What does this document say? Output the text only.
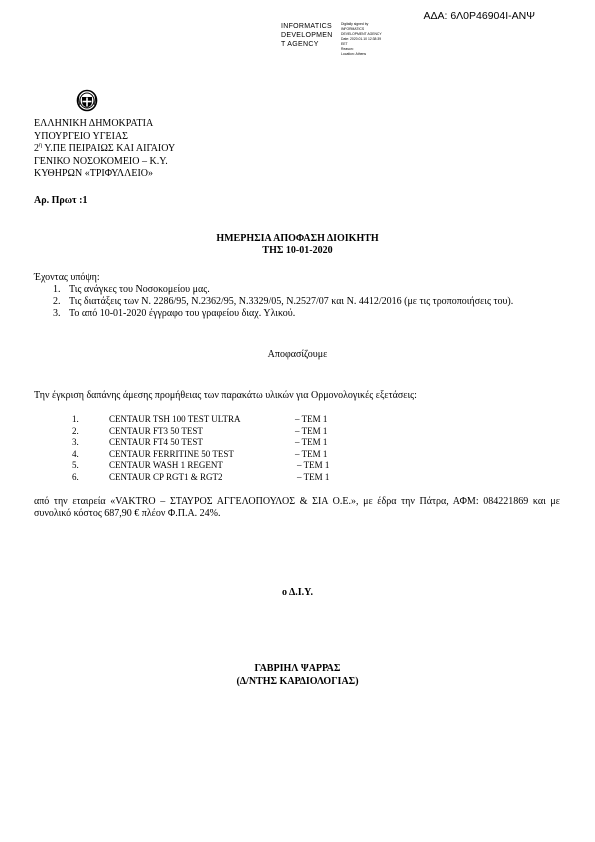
ΑΔΑ: 6Λ0Ρ46904Ι-ΑΝΨ
INFORMATICS
DEVELOPMEN
T AGENCY
Digitally signed by
INFORMATICS
DEVELOPMENT AGENCY
Date: 2020.01.10 12:38:39
EET
Reason:
Location: Athens
ΕΛΛΗΝΙΚΗ ΔΗΜΟΚΡΑΤΙΑ
ΥΠΟΥΡΓΕΙΟ ΥΓΕΙΑΣ
$2^\eta$ Υ.ΠΕ ΠΕΙΡΑΙΩΣ ΚΑΙ ΑΙΓΑΙΟΥ
ΓΕΝΙΚΟ ΝΟΣΟΚΟΜΕΙΟ – Κ.Υ.
ΚΥΘΗΡΩΝ «ΤΡΙΦΥΛΛΕΙΟ»
Αρ. Πρωτ :1
ΗΜΕΡΗΣΙΑ ΑΠΟΦΑΣΗ ΔΙΟΙΚΗΤΗ
ΤΗΣ 10-01-2020
Έχοντας υπόψη:
1. Τις ανάγκες του Νοσοκομείου μας.
2. Τις διατάξεις των Ν. 2286/95, Ν.2362/95, Ν.3329/05, Ν.2527/07 και Ν. 4412/2016 (με τις τροποποιήσεις του).
3. Το από 10-01-2020 έγγραφο του γραφείου διαχ. Υλικού.
Αποφασίζουμε
Την έγκριση δαπάνης άμεσης προμήθειας των παρακάτω υλικών για Ορμονολογικές εξετάσεις:
1.	CENTAUR TSH 100 TEST ULTRA	– ΤΕΜ 1
2.	CENTAUR FT3 50 TEST	– ΤΕΜ 1
3.	CENTAUR FT4 50 TEST	– ΤΕΜ 1
4.	CENTAUR FERRITINE 50 TEST	– ΤΕΜ 1
5.	CENTAUR WASH 1 REGENT	– ΤΕΜ 1
6.	CENTAUR CP RGT1 & RGT2	– ΤΕΜ 1
από την εταιρεία «VAKTRO – ΣΤΑΥΡΟΣ ΑΓΓΕΛΟΠΟΥΛΟΣ & ΣΙΑ Ο.Ε.», με έδρα την Πάτρα, ΑΦΜ: 084221869 και με συνολικό κόστος 687,90 € πλέον Φ.Π.Α. 24%.
ο Δ.Ι.Υ.
ΓΑΒΡΙΗΛ ΨΑΡΡΑΣ
(Δ/ΝΤΗΣ ΚΑΡΔΙΟΛΟΓΙΑΣ)
